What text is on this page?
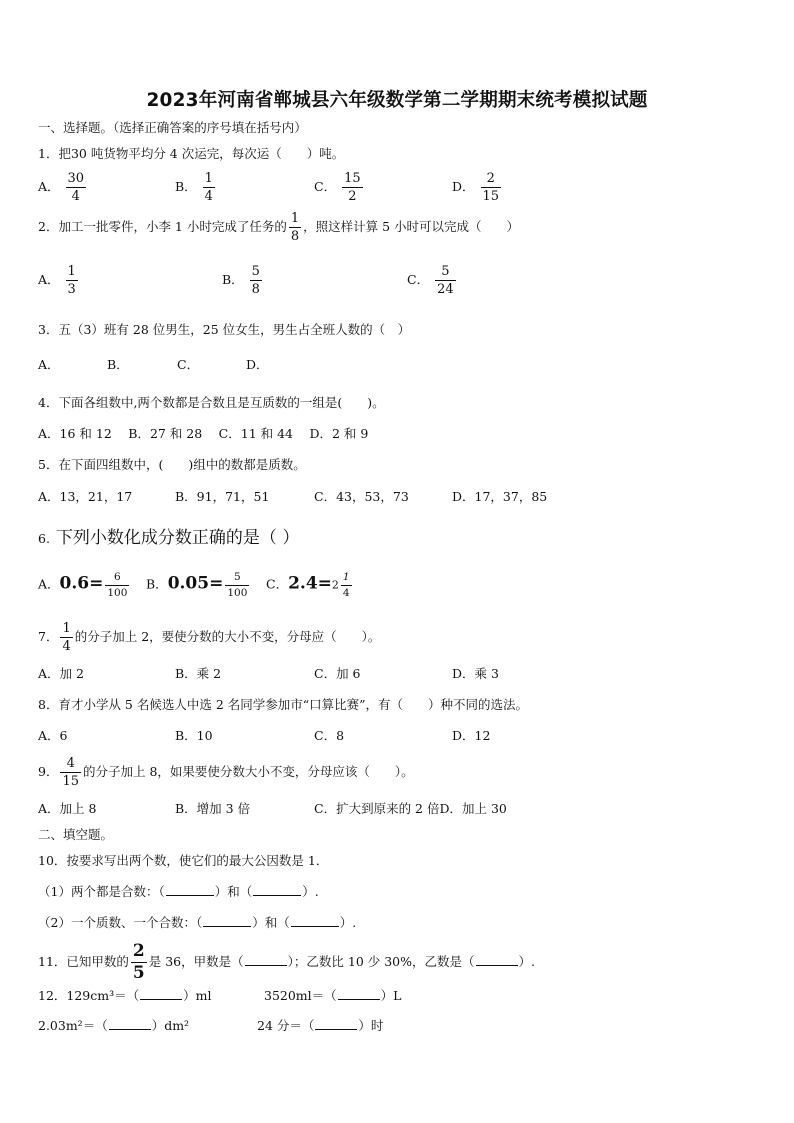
2023年河南省郸城县六年级数学第二学期期末统考模拟试题
一、选择题。（选择正确答案的序号填在括号内）
1．把30 吨货物平均分 4 次运完，每次运（　　）吨。
A． $\frac{30}{4}$	B． $\frac{1}{4}$	C． $\frac{15}{2}$	D． $\frac{2}{15}$
2．加工一批零件，小李 1 小时完成了任务的 $\frac{1}{8}$ ，照这样计算 5 小时可以完成（　　）
A． $\frac{1}{3}$	B． $\frac{5}{8}$	C． $\frac{5}{24}$
3．五（3）班有 28 位男生，25 位女生，男生占全班人数的（　）
A．	B．	C．	D．
4．下面各组数中,两个数都是合数且是互质数的一组是(　　)。
A．16 和 12　 B．27 和 28　 C．11 和 44　 D．2 和 9
5．在下面四组数中，(　　)组中的数都是质数。
A．13，21，17	B．91，71，51	C．43，53，73	D．17，37，85
6. 下列小数化成分数正确的是（ ）
A．$0.6= \frac{6}{100}$ B．$0.05= \frac{5}{100}$ C．$2.4=2 \frac{1}{4}$
7． $\frac{1}{4}$ 的分子加上 2，要使分数的大小不变，分母应（　　）。
A．加 2	B．乘 2	C．加 6	D．乘 3
8．育才小学从 5 名候选人中选 2 名同学参加市“口算比赛”，有（　　）种不同的选法。
A．6	B．10	C．8	D．12
9． $\frac{4}{15}$ 的分子加上 8，如果要使分数大小不变，分母应该（　　）。
A．加上 8	B．增加 3 倍	C．扩大到原来的 2 倍D．加上 30
二、填空题。
10．按要求写出两个数，使它们的最大公因数是 1．
（1）两个都是合数：（	）和（	）.
（2）一个质数、一个合数：（	）和（	）.
11．已知甲数的 $\frac{2}{5}$ 是 36，甲数是（	）；乙数比 10 少 30%，乙数是（	）.
12．129cm³＝（	）ml	3520ml＝（	）L
2.03m²＝（	）dm²	24 分＝（	）时
